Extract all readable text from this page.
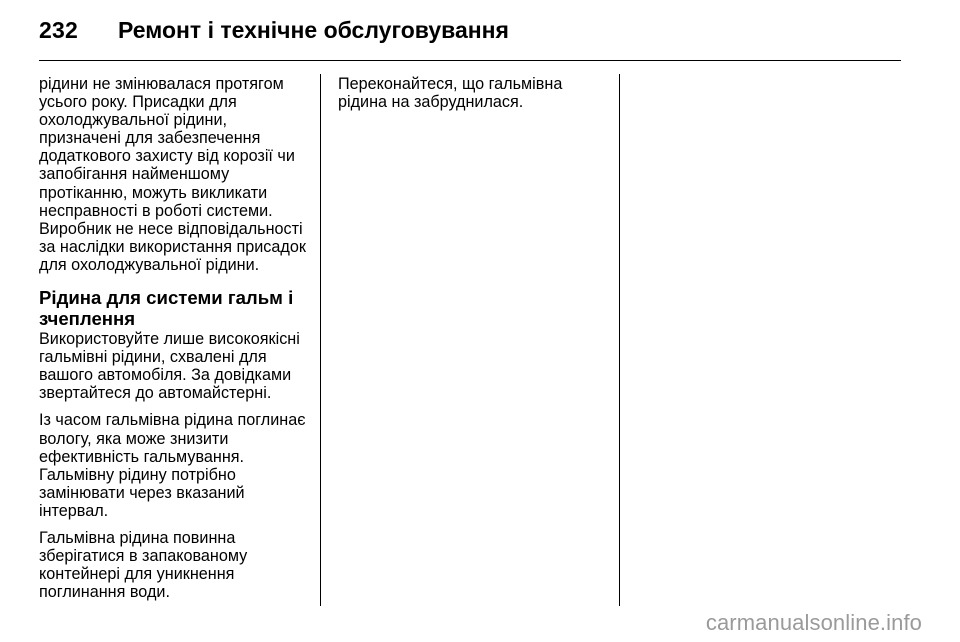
232 Ремонт і технічне обслуговування
рідини не змінювалася протягом
усього року. Присадки для
охолоджувальної рідини,
призначені для забезпечення
додаткового захисту від корозії чи
запобігання найменшому
протіканню, можуть викликати
несправності в роботі системи.
Виробник не несе відповідальності
за наслідки використання присадок
для охолоджувальної рідини.
Рідина для системи гальм і
зчеплення
Використовуйте лише високоякісні
гальмівні рідини, схвалені для
вашого автомобіля. За довідками
звертайтеся до автомайстерні.
Із часом гальмівна рідина поглинає
вологу, яка може знизити
ефективність гальмування.
Гальмівну рідину потрібно
замінювати через вказаний
інтервал.
Гальмівна рідина повинна
зберігатися в запакованому
контейнері для уникнення
поглинання води.
Переконайтеся, що гальмівна
рідина на забруднилася.
carmanualsonline.info
